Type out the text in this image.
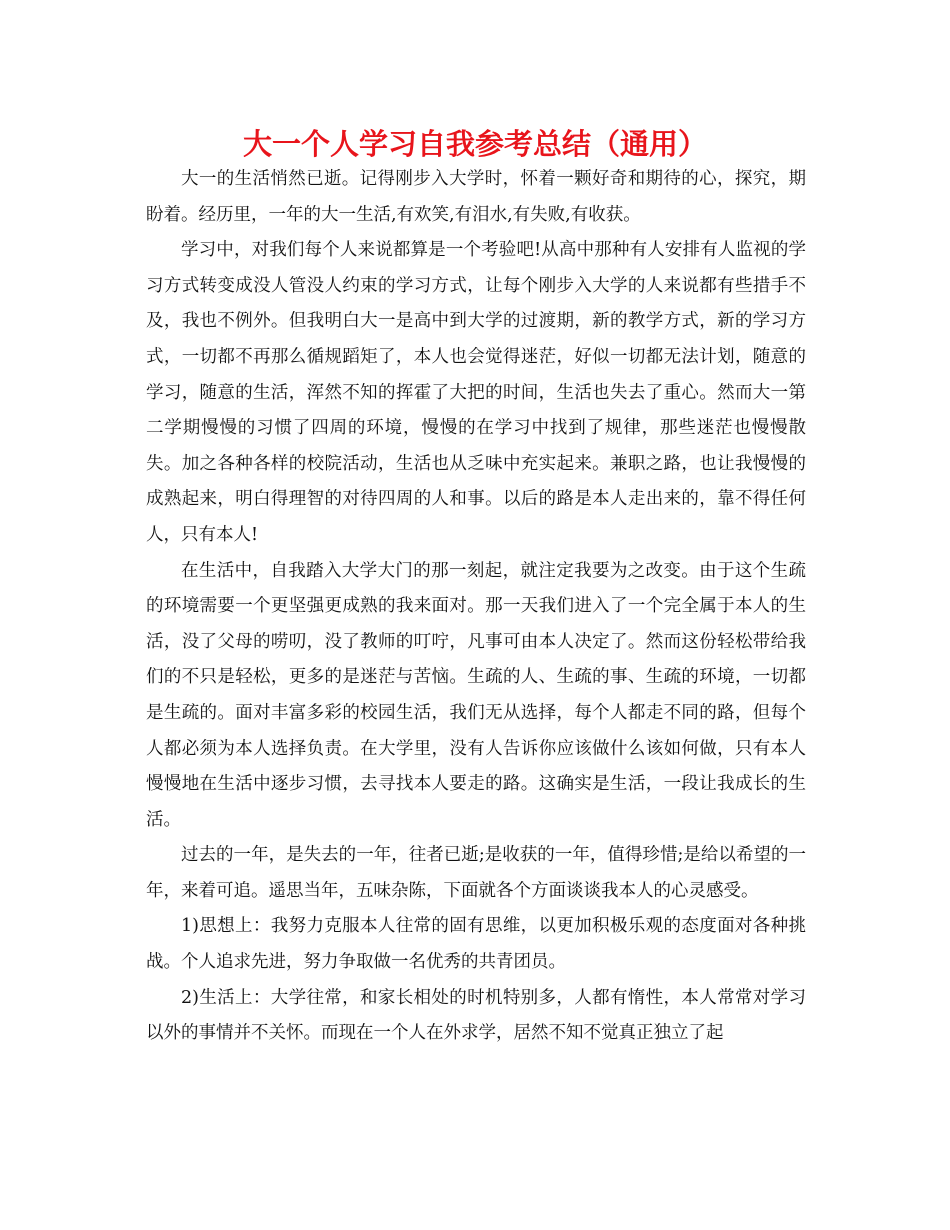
大一个人学习自我参考总结（通用）

大一的生活悄然已逝。记得刚步入大学时，怀着一颗好奇和期待的心，探究，期盼着。经历里，一年的大一生活,有欢笑,有泪水,有失败,有收获。

学习中，对我们每个人来说都算是一个考验吧!从高中那种有人安排有人监视的学习方式转变成没人管没人约束的学习方式，让每个刚步入大学的人来说都有些措手不及，我也不例外。但我明白大一是高中到大学的过渡期，新的教学方式，新的学习方式，一切都不再那么循规蹈矩了，本人也会觉得迷茫，好似一切都无法计划，随意的学习，随意的生活，浑然不知的挥霍了大把的时间，生活也失去了重心。然而大一第二学期慢慢的习惯了四周的环境，慢慢的在学习中找到了规律，那些迷茫也慢慢散失。加之各种各样的校院活动，生活也从乏味中充实起来。兼职之路，也让我慢慢的成熟起来，明白得理智的对待四周的人和事。以后的路是本人走出来的，靠不得任何人，只有本人!

在生活中，自我踏入大学大门的那一刻起，就注定我要为之改变。由于这个生疏的环境需要一个更坚强更成熟的我来面对。那一天我们进入了一个完全属于本人的生活，没了父母的唠叨，没了教师的叮咛，凡事可由本人决定了。然而这份轻松带给我们的不只是轻松，更多的是迷茫与苦恼。生疏的人、生疏的事、生疏的环境，一切都是生疏的。面对丰富多彩的校园生活，我们无从选择，每个人都走不同的路，但每个人都必须为本人选择负责。在大学里，没有人告诉你应该做什么该如何做，只有本人慢慢地在生活中逐步习惯，去寻找本人要走的路。这确实是生活，一段让我成长的生活。

过去的一年，是失去的一年，往者已逝;是收获的一年，值得珍惜;是给以希望的一年，来着可追。遥思当年，五味杂陈，下面就各个方面谈谈我本人的心灵感受。

1)思想上：我努力克服本人往常的固有思维，以更加积极乐观的态度面对各种挑战。个人追求先进，努力争取做一名优秀的共青团员。

2)生活上：大学往常，和家长相处的时机特别多，人都有惰性，本人常常对学习以外的事情并不关怀。而现在一个人在外求学，居然不知不觉真正独立了起
